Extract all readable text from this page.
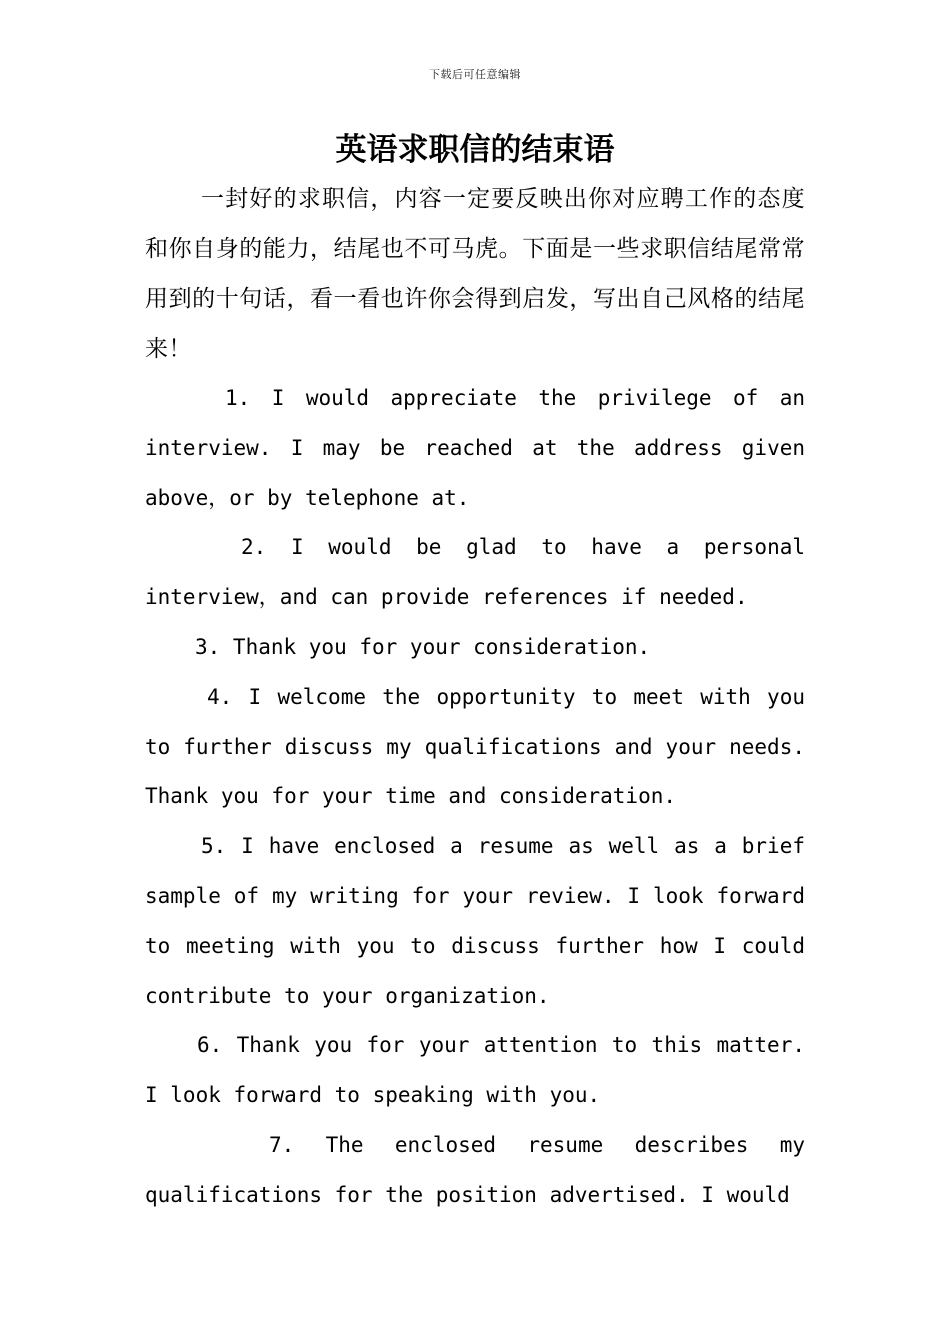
下载后可任意编辑
英语求职信的结束语

一封好的求职信，内容一定要反映出你对应聘工作的态度和你自身的能力，结尾也不可马虎。下面是一些求职信结尾常常用到的十句话，看一看也许你会得到启发，写出自己风格的结尾来！

1. I would appreciate the privilege of an interview. I may be reached at the address given above，or by telephone at.

2. I would be glad to have a personal interview，and can provide references if needed.

3. Thank you for your consideration.

4. I welcome the opportunity to meet with you to further discuss my qualifications and your needs. Thank you for your time and consideration.

5. I have enclosed a resume as well as a brief sample of my writing for your review. I look forward to meeting with you to discuss further how I could contribute to your organization.

6. Thank you for your attention to this matter. I look forward to speaking with you.

7. The enclosed resume describes my qualifications for the position advertised. I would
